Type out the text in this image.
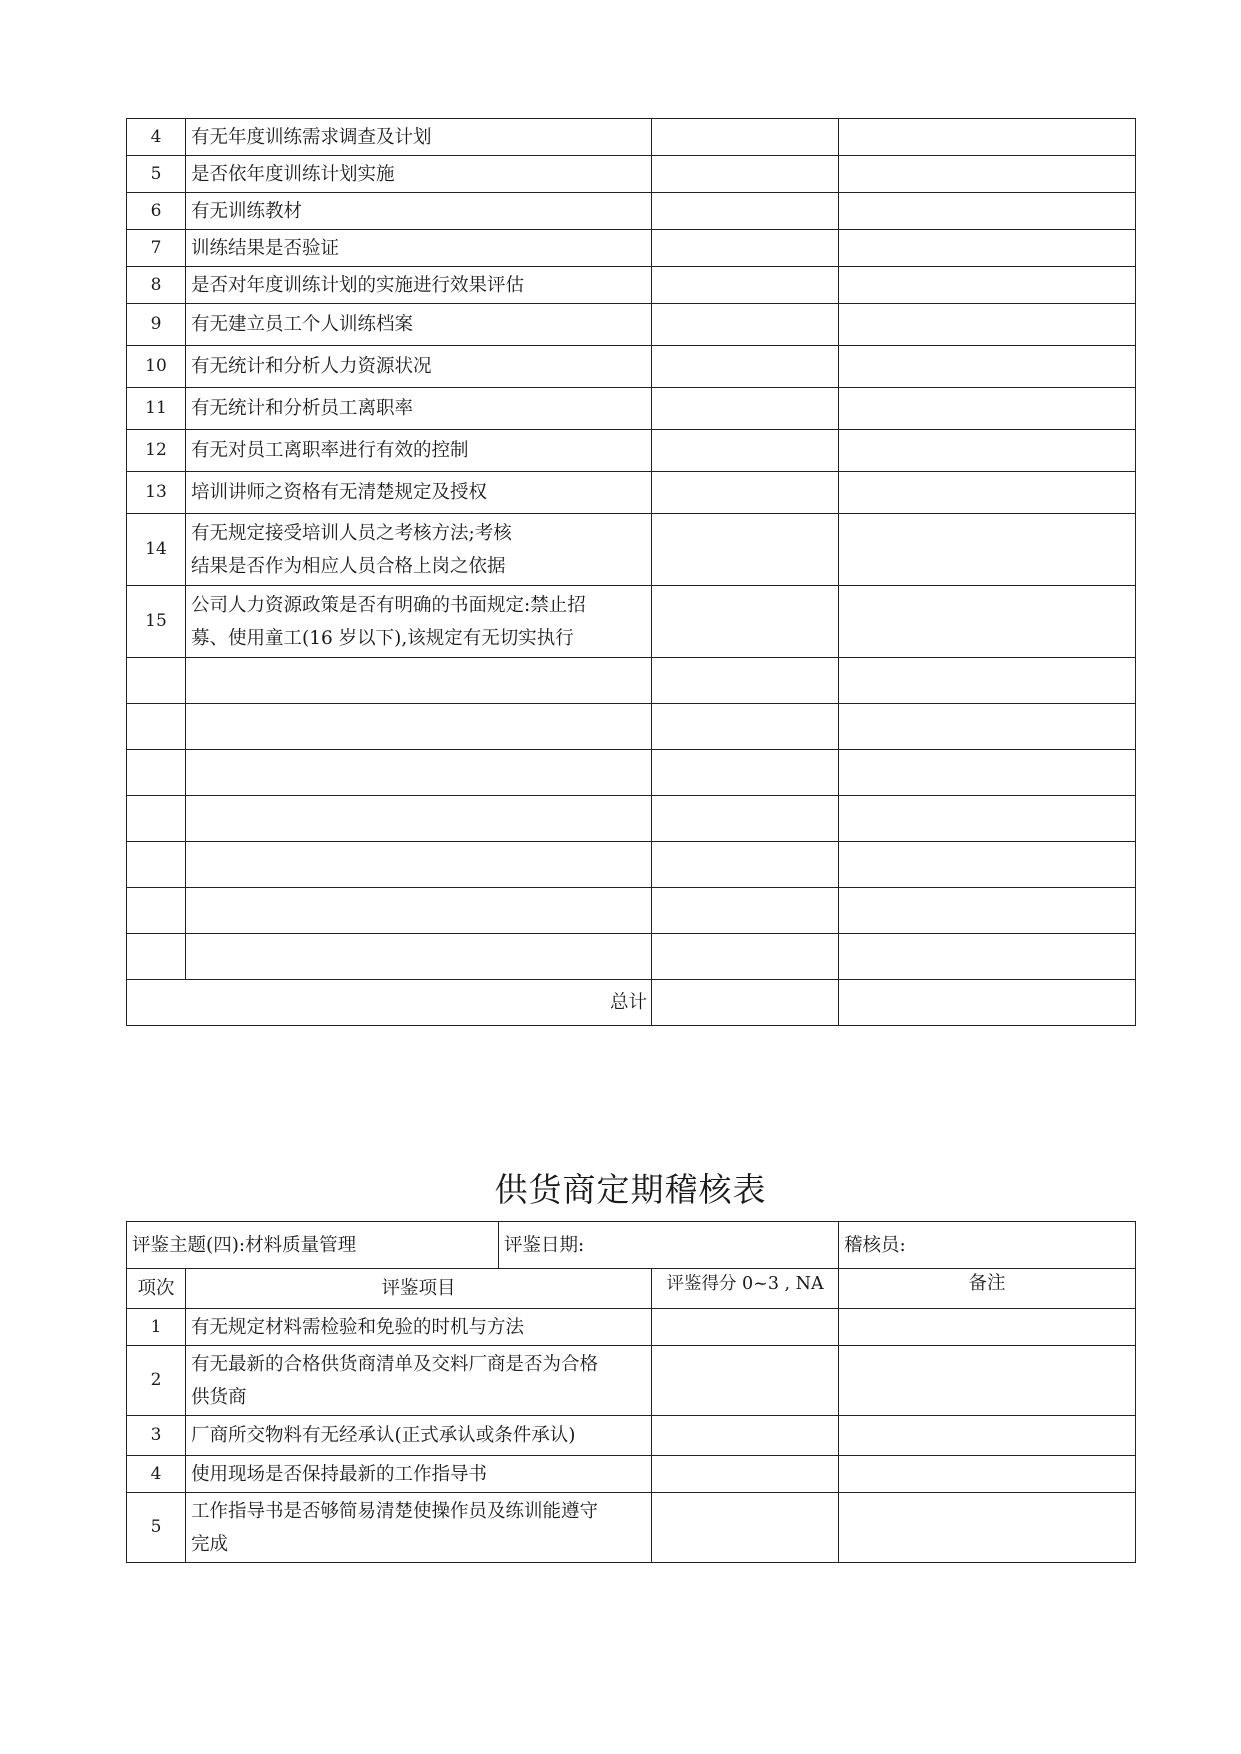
4	有无年度训练需求调查及计划		

5	是否依年度训练计划实施		

6	有无训练教材		

7	训练结果是否验证		

8	是否对年度训练计划的实施进行效果评估		

9	有无建立员工个人训练档案		

10	有无统计和分析人力资源状况		

11	有无统计和分析员工离职率		

12	有无对员工离职率进行有效的控制		

13	培训讲师之资格有无清楚规定及授权		

14	有无规定接受培训人员之考核方法;考核
结果是否作为相应人员合格上岗之依据		

15	公司人力资源政策是否有明确的书面规定:禁止招
募、使用童工(16 岁以下),该规定有无切实执行		

总计			
供货商定期稽核表
评鉴主题(四):材料质量管理		评鉴日期:		稽核员:
项次	评鉴项目		评鉴得分 0~3 , NA	备注
1	有无规定材料需检验和免验的时机与方法			

2	有无最新的合格供货商清单及交料厂商是否为合格
供货商			

3	厂商所交物料有无经承认(正式承认或条件承认)			

4	使用现场是否保持最新的工作指导书			

5	工作指导书是否够简易清楚使操作员及练训能遵守
完成			
